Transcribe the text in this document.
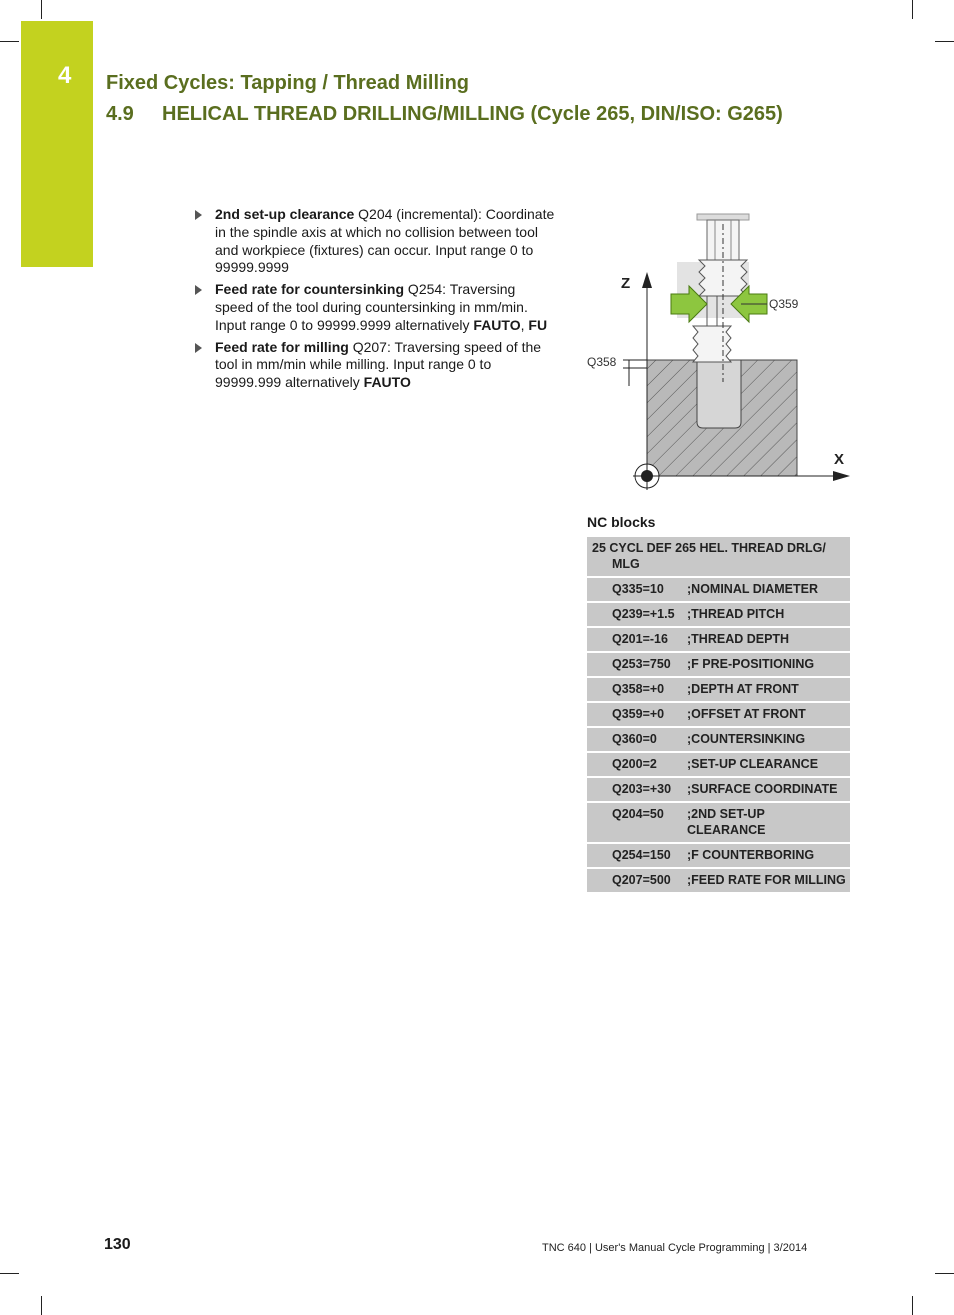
4 Fixed Cycles: Tapping / Thread Milling
4.9 HELICAL THREAD DRILLING/MILLING (Cycle 265, DIN/ISO: G265)
2nd set-up clearance Q204 (incremental): Coordinate in the spindle axis at which no collision between tool and workpiece (fixtures) can occur. Input range 0 to 99999.9999
Feed rate for countersinking Q254: Traversing speed of the tool during countersinking in mm/min. Input range 0 to 99999.9999 alternatively FAUTO, FU
Feed rate for milling Q207: Traversing speed of the tool in mm/min while milling. Input range 0 to 99999.999 alternatively FAUTO
Z
X
Q359
Q358
NC blocks
25 CYCL DEF 265 HEL. THREAD DRLG/
MLG	

Q335=10	;NOMINAL DIAMETER
Q239=+1.5	;THREAD PITCH
Q201=-16	;THREAD DEPTH
Q253=750	;F PRE-POSITIONING
Q358=+0	;DEPTH AT FRONT
Q359=+0	;OFFSET AT FRONT
Q360=0	;COUNTERSINKING
Q200=2	;SET-UP CLEARANCE
Q203=+30	;SURFACE COORDINATE
Q204=50	;2ND SET-UP CLEARANCE
Q254=150	;F COUNTERBORING
Q207=500	;FEED RATE FOR MILLING
130	TNC 640 | User's Manual Cycle Programming | 3/2014
